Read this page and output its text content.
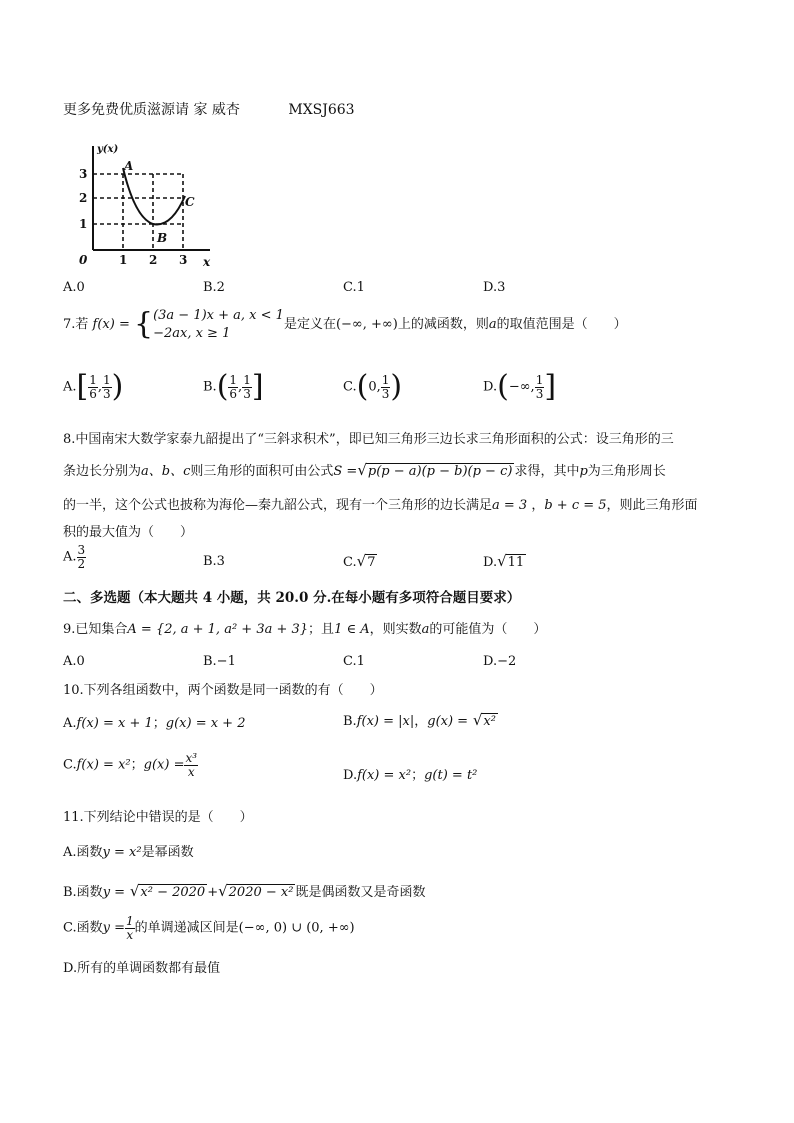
更多免费优质滋源请 家 威杏	MXSJ663
y(x)
3
2
1
0	1 2 3 x
A
B
C
A.0	B.2	C.1	D.3
7.若 f(x) = { (3a − 1)x + a, x < 1
−2ax, x ≥ 1
是定义在(−∞, +∞)上的减函数，则a的取值范围是（　　）
$A.[ \frac{1}{6}$ , $\frac{1}{3}$ )	$B.( \frac{1}{6}$ , $\frac{1}{3}$ ]	C.(0, $\frac{1}{3}$ )	D.(−∞, $\frac{1}{3}$ ]
8.中国南宋大数学家泰九韶提出了“三斜求积术”，即已知三角形三边长求三角形面积的公式：设三角形的三
条边长分别为a、b、c则三角形的面积可由公式S =√p(p − a)(p − b)(p − c) 求得，其中p为三角形周长
的一半，这个公式也披称为海伦—秦九韶公式，现有一个三角形的边长满足a = 3 ，b + c = 5，则此三角形面
积的最大值为（　　）
A. $\frac{3}{2}$	B.3	C.√7	D.√11
二、多选题（本大题共 4 小题，共 20.0 分.在每小题有多项符合题目要求）
9.已知集合A = {2, a + 1, a² + 3a + 3}；且1 ∈ A，则实数a的可能值为（　　）
A.0	B.−1	C.1	D.−2
10.下列各组函数中，两个函数是同一函数的有（　　）
A.f(x) = x + 1；g(x) = x + 2	B.f(x) = |x|，g(x) = √x²
C.f(x) = x²；$g(x) = \frac{\text{x³}}{x}$	D.f(x) = x²；g(t) = t²
11.下列结论中错误的是（　　）
A.函数y = x²是幂函数
B.函数y = √x² − 2020 +√2020 − x² 既是偶函数又是奇函数
C.函数$y = \frac{1}{x}$ 的单调递减区间是(−∞, 0) ∪ (0, +∞)
D.所有的单调函数都有最值
